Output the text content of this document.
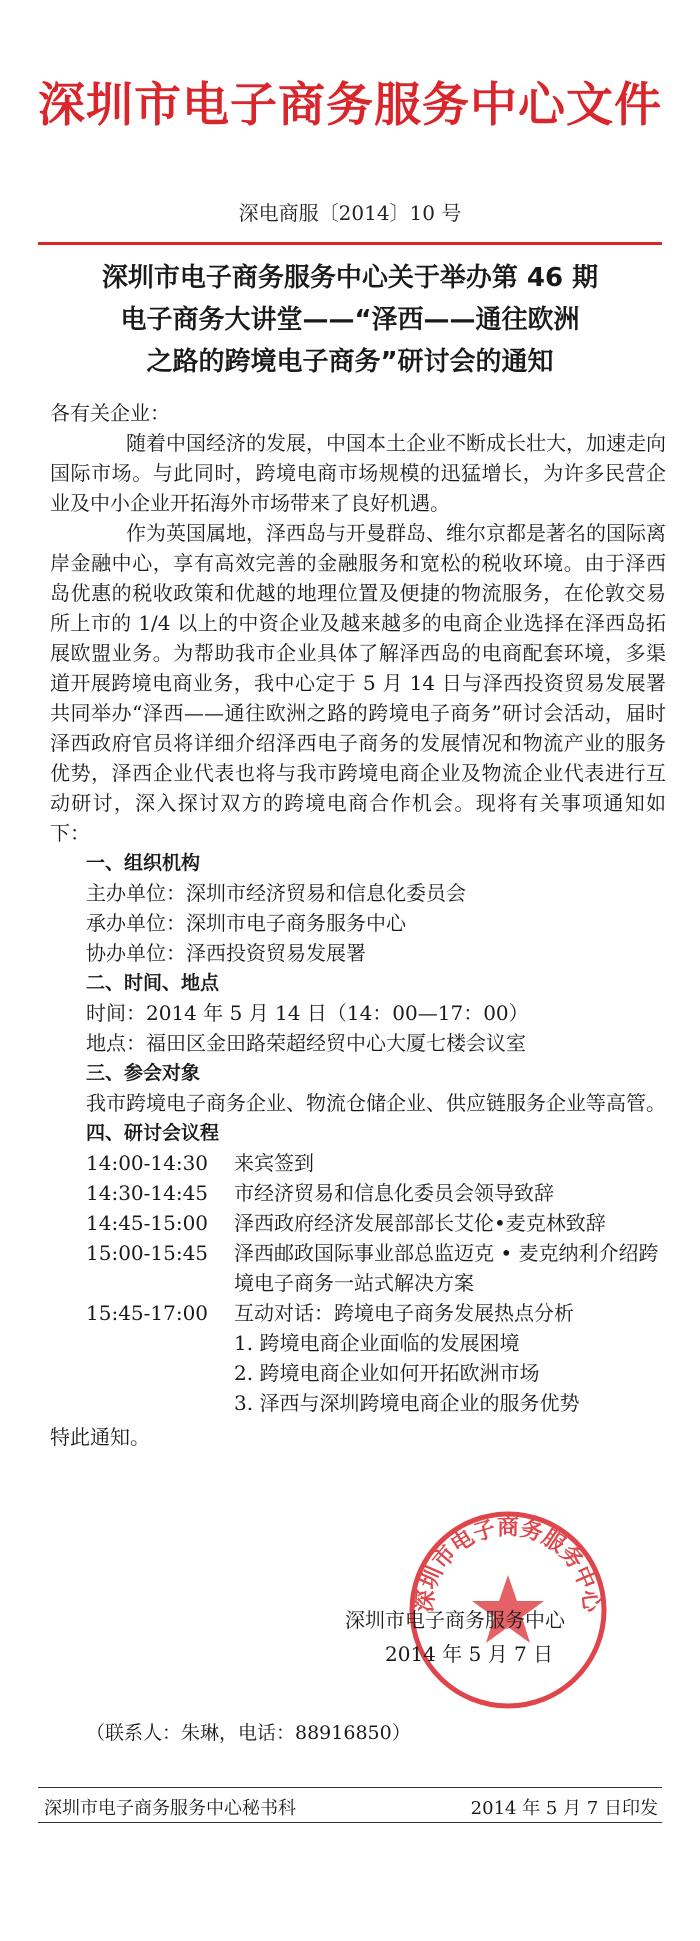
深圳市电子商务服务中心文件
深电商服〔2014〕10 号
深圳市电子商务服务中心关于举办第 46 期
电子商务大讲堂——“泽西——通往欧洲
之路的跨境电子商务”研讨会的通知
各有关企业：

随着中国经济的发展，中国本土企业不断成长壮大，加速走向国际市场。与此同时，跨境电商市场规模的迅猛增长，为许多民营企业及中小企业开拓海外市场带来了良好机遇。

作为英国属地，泽西岛与开曼群岛、维尔京都是著名的国际离岸金融中心，享有高效完善的金融服务和宽松的税收环境。由于泽西岛优惠的税收政策和优越的地理位置及便捷的物流服务，在伦敦交易所上市的 1/4 以上的中资企业及越来越多的电商企业选择在泽西岛拓展欧盟业务。为帮助我市企业具体了解泽西岛的电商配套环境，多渠道开展跨境电商业务，我中心定于 5 月 14 日与泽西投资贸易发展署共同举办“泽西——通往欧洲之路的跨境电子商务”研讨会活动，届时泽西政府官员将详细介绍泽西电子商务的发展情况和物流产业的服务优势，泽西企业代表也将与我市跨境电商企业及物流企业代表进行互动研讨，深入探讨双方的跨境电商合作机会。现将有关事项通知如下：

一、组织机构
主办单位：深圳市经济贸易和信息化委员会
承办单位：深圳市电子商务服务中心
协办单位：泽西投资贸易发展署
二、时间、地点
时间：2014 年 5 月 14 日（14：00—17：00）
地点：福田区金田路荣超经贸中心大厦七楼会议室
三、参会对象
我市跨境电子商务企业、物流仓储企业、供应链服务企业等高管。
四、研讨会议程
14:00-14:30	来宾签到
14:30-14:45	市经济贸易和信息化委员会领导致辞
14:45-15:00	泽西政府经济发展部部长艾伦•麦克林致辞
15:00-15:45	泽西邮政国际事业部总监迈克 • 麦克纳利介绍跨境电子商务一站式解决方案
15:45-17:00	互动对话：跨境电子商务发展热点分析
1. 跨境电商企业面临的发展困境
2. 跨境电商企业如何开拓欧洲市场
3. 泽西与深圳跨境电商企业的服务优势
特此通知。
深圳市电子商务服务中心
深圳市电子商务服务中心
2014 年 5 月 7 日
（联系人：朱琳，电话：88916850）
深圳市电子商务服务中心秘书科	2014 年 5 月 7 日印发
